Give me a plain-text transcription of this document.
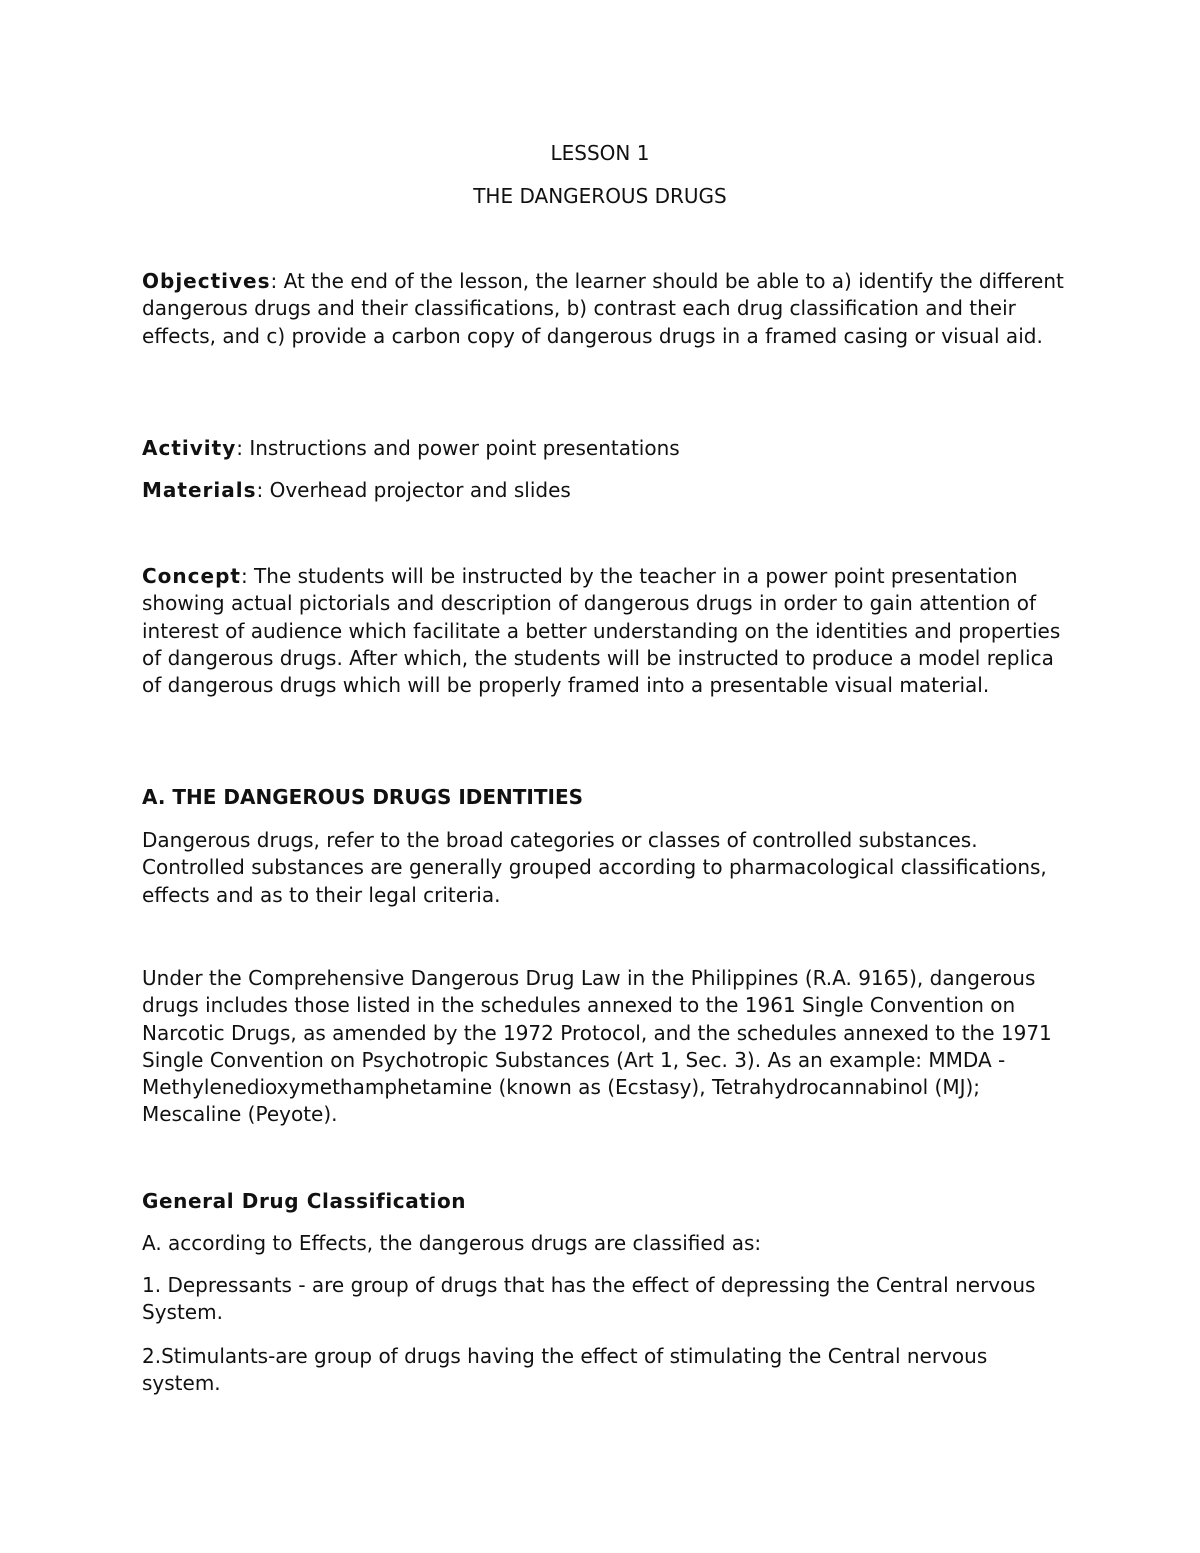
LESSON 1
THE DANGEROUS DRUGS

Objectives: At the end of the lesson, the learner should be able to a) identify the different dangerous drugs and their classifications, b) contrast each drug classification and their effects, and c) provide a carbon copy of dangerous drugs in a framed casing or visual aid.

Activity: Instructions and power point presentations

Materials: Overhead projector and slides

Concept: The students will be instructed by the teacher in a power point presentation showing actual pictorials and description of dangerous drugs in order to gain attention of interest of audience which facilitate a better understanding on the identities and properties of dangerous drugs. After which, the students will be instructed to produce a model replica of dangerous drugs which will be properly framed into a presentable visual material.

A. THE DANGEROUS DRUGS IDENTITIES

Dangerous drugs, refer to the broad categories or classes of controlled substances. Controlled substances are generally grouped according to pharmacological classifications, effects and as to their legal criteria.

Under the Comprehensive Dangerous Drug Law in the Philippines (R.A. 9165), dangerous drugs includes those listed in the schedules annexed to the 1961 Single Convention on Narcotic Drugs, as amended by the 1972 Protocol, and the schedules annexed to the 1971 Single Convention on Psychotropic Substances (Art 1, Sec. 3). As an example: MMDA - Methylenedioxymethamphetamine (known as (Ecstasy), Tetrahydrocannabinol (MJ); Mescaline (Peyote).

General Drug Classification

A. according to Effects, the dangerous drugs are classified as:

1. Depressants - are group of drugs that has the effect of depressing the Central nervous System.

2.Stimulants-are group of drugs having the effect of stimulating the Central nervous system.
